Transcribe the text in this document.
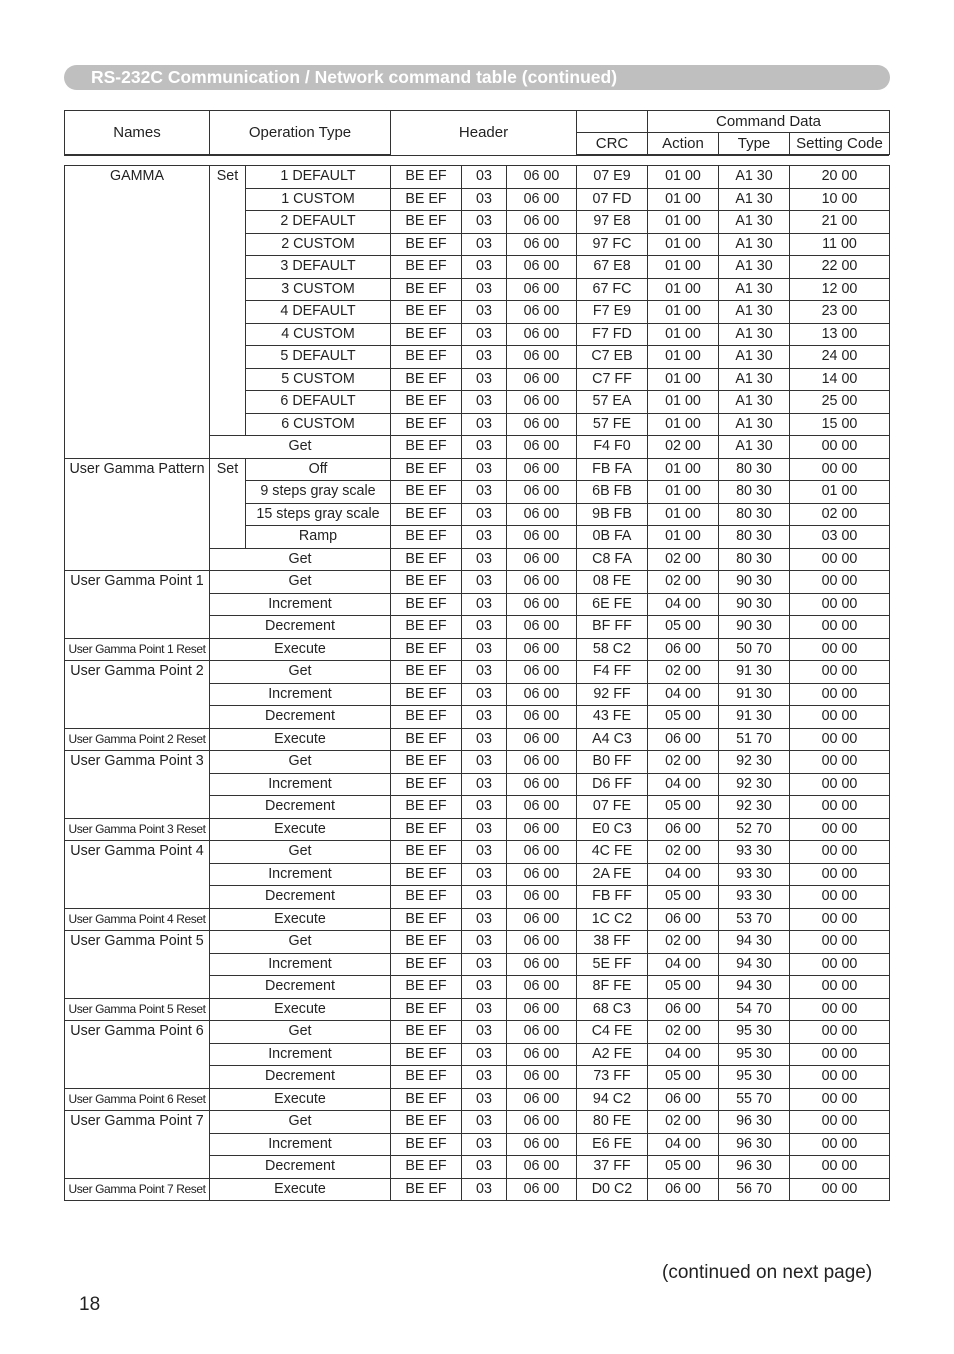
RS-232C Communication / Network command table (continued)
Names	Operation Type	Header		Command Data		
			CRC	Action	Type	Setting Code
GAMMA	Set	1 DEFAULT	BE EF	03	06 00	07 E9	01 00	A1 30	20 00
		1 CUSTOM	BE EF	03	06 00	07 FD	01 00	A1 30	10 00
		2 DEFAULT	BE EF	03	06 00	97 E8	01 00	A1 30	21 00
		2 CUSTOM	BE EF	03	06 00	97 FC	01 00	A1 30	11 00
		3 DEFAULT	BE EF	03	06 00	67 E8	01 00	A1 30	22 00
		3 CUSTOM	BE EF	03	06 00	67 FC	01 00	A1 30	12 00
		4 DEFAULT	BE EF	03	06 00	F7 E9	01 00	A1 30	23 00
		4 CUSTOM	BE EF	03	06 00	F7 FD	01 00	A1 30	13 00
		5 DEFAULT	BE EF	03	06 00	C7 EB	01 00	A1 30	24 00
		5 CUSTOM	BE EF	03	06 00	C7 FF	01 00	A1 30	14 00
		6 DEFAULT	BE EF	03	06 00	57 EA	01 00	A1 30	25 00
		6 CUSTOM	BE EF	03	06 00	57 FE	01 00	A1 30	15 00
	Get		BE EF	03	06 00	F4 F0	02 00	A1 30	00 00
User Gamma Pattern	Set	Off	BE EF	03	06 00	FB FA	01 00	80 30	00 00
		9 steps gray scale	BE EF	03	06 00	6B FB	01 00	80 30	01 00
		15 steps gray scale	BE EF	03	06 00	9B FB	01 00	80 30	02 00
		Ramp	BE EF	03	06 00	0B FA	01 00	80 30	03 00
	Get		BE EF	03	06 00	C8 FA	02 00	80 30	00 00
User Gamma Point 1	Get		BE EF	03	06 00	08 FE	02 00	90 30	00 00
	Increment		BE EF	03	06 00	6E FE	04 00	90 30	00 00
	Decrement		BE EF	03	06 00	BF FF	05 00	90 30	00 00
User Gamma Point 1 Reset	Execute		BE EF	03	06 00	58 C2	06 00	50 70	00 00
User Gamma Point 2	Get		BE EF	03	06 00	F4 FF	02 00	91 30	00 00
	Increment		BE EF	03	06 00	92 FF	04 00	91 30	00 00
	Decrement		BE EF	03	06 00	43 FE	05 00	91 30	00 00
User Gamma Point 2 Reset	Execute		BE EF	03	06 00	A4 C3	06 00	51 70	00 00
User Gamma Point 3	Get		BE EF	03	06 00	B0 FF	02 00	92 30	00 00
	Increment		BE EF	03	06 00	D6 FF	04 00	92 30	00 00
	Decrement		BE EF	03	06 00	07 FE	05 00	92 30	00 00
User Gamma Point 3 Reset	Execute		BE EF	03	06 00	E0 C3	06 00	52 70	00 00
User Gamma Point 4	Get		BE EF	03	06 00	4C FE	02 00	93 30	00 00
	Increment		BE EF	03	06 00	2A FE	04 00	93 30	00 00
	Decrement		BE EF	03	06 00	FB FF	05 00	93 30	00 00
User Gamma Point 4 Reset	Execute		BE EF	03	06 00	1C C2	06 00	53 70	00 00
User Gamma Point 5	Get		BE EF	03	06 00	38 FF	02 00	94 30	00 00
	Increment		BE EF	03	06 00	5E FF	04 00	94 30	00 00
	Decrement		BE EF	03	06 00	8F FE	05 00	94 30	00 00
User Gamma Point 5 Reset	Execute		BE EF	03	06 00	68 C3	06 00	54 70	00 00
User Gamma Point 6	Get		BE EF	03	06 00	C4 FE	02 00	95 30	00 00
	Increment		BE EF	03	06 00	A2 FE	04 00	95 30	00 00
	Decrement		BE EF	03	06 00	73 FF	05 00	95 30	00 00
User Gamma Point 6 Reset	Execute		BE EF	03	06 00	94 C2	06 00	55 70	00 00
User Gamma Point 7	Get		BE EF	03	06 00	80 FE	02 00	96 30	00 00
	Increment		BE EF	03	06 00	E6 FE	04 00	96 30	00 00
	Decrement		BE EF	03	06 00	37 FF	05 00	96 30	00 00
User Gamma Point 7 Reset	Execute		BE EF	03	06 00	D0 C2	06 00	56 70	00 00
(continued on next page)
18
